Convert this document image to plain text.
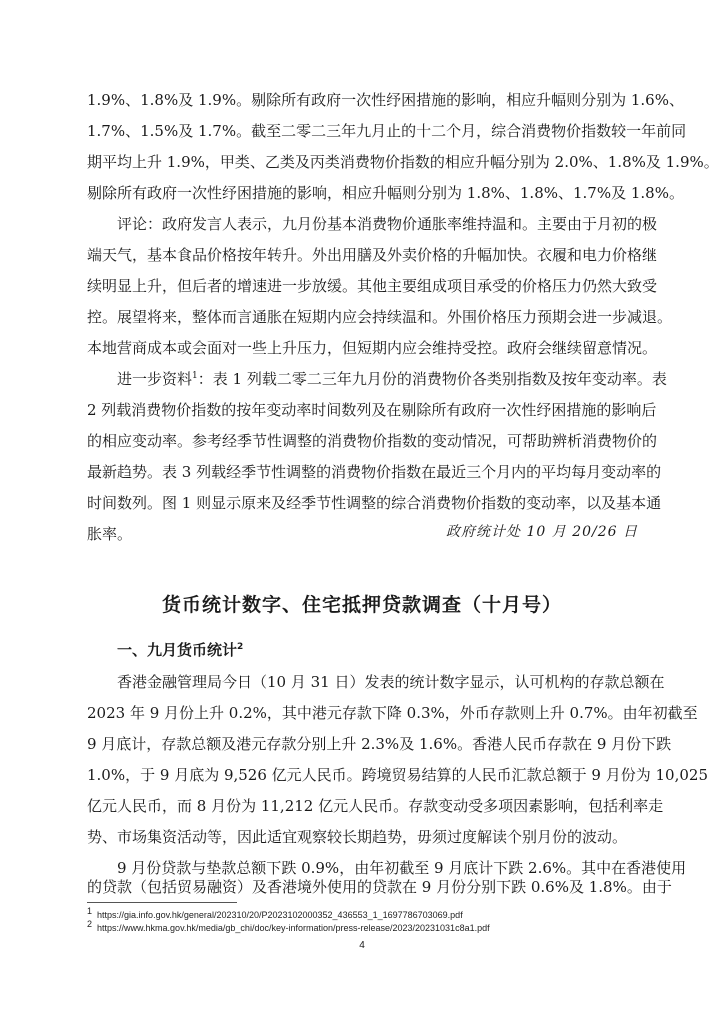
1.9%、1.8%及 1.9%。剔除所有政府一次性纾困措施的影响，相应升幅则分别为 1.6%、
1.7%、1.5%及 1.7%。截至二零二三年九月止的十二个月，综合消费物价指数较一年前同
期平均上升 1.9%，甲类、乙类及丙类消费物价指数的相应升幅分别为 2.0%、1.8%及 1.9%。
剔除所有政府一次性纾困措施的影响，相应升幅则分别为 1.8%、1.8%、1.7%及 1.8%。
评论：政府发言人表示，九月份基本消费物价通胀率维持温和。主要由于月初的极
端天气，基本食品价格按年转升。外出用膳及外卖价格的升幅加快。衣履和电力价格继
续明显上升，但后者的增速进一步放缓。其他主要组成项目承受的价格压力仍然大致受
控。展望将来，整体而言通胀在短期内应会持续温和。外围价格压力预期会进一步减退。
本地营商成本或会面对一些上升压力，但短期内应会维持受控。政府会继续留意情况。
进一步资料$^1$：表 1 列载二零二三年九月份的消费物价各类别指数及按年变动率。表
2 列载消费物价指数的按年变动率时间数列及在剔除所有政府一次性纾困措施的影响后
的相应变动率。参考经季节性调整的消费物价指数的变动情况，可帮助辨析消费物价的
最新趋势。表 3 列载经季节性调整的消费物价指数在最近三个月内的平均每月变动率的
时间数列。图 1 则显示原来及经季节性调整的综合消费物价指数的变动率，以及基本通
胀率。	政府统计处 10 月 20/26 日
货币统计数字、住宅抵押贷款调查（十月号）
一、九月货币统计$^2$
香港金融管理局今日（10 月 31 日）发表的统计数字显示，认可机构的存款总额在
2023 年 9 月份上升 0.2%，其中港元存款下降 0.3%，外币存款则上升 0.7%。由年初截至
9 月底计，存款总额及港元存款分别上升 2.3%及 1.6%。香港人民币存款在 9 月份下跌
1.0%，于 9 月底为 9,526 亿元人民币。跨境贸易结算的人民币汇款总额于 9 月份为 10,025
亿元人民币，而 8 月份为 11,212 亿元人民币。存款变动受多项因素影响，包括利率走
势、市场集资活动等，因此适宜观察较长期趋势，毋须过度解读个别月份的波动。
9 月份贷款与垫款总额下跌 0.9%，由年初截至 9 月底计下跌 2.6%。其中在香港使用
的贷款（包括贸易融资）及香港境外使用的贷款在 9 月份分别下跌 0.6%及 1.8%。由于
$^1$ https://gia.info.gov.hk/general/202310/20/P2023102000352_436553_1_1697786703069.pdf
$^2$ https://www.hkma.gov.hk/media/gb_chi/doc/key-information/press-release/2023/20231031c8a1.pdf
4
